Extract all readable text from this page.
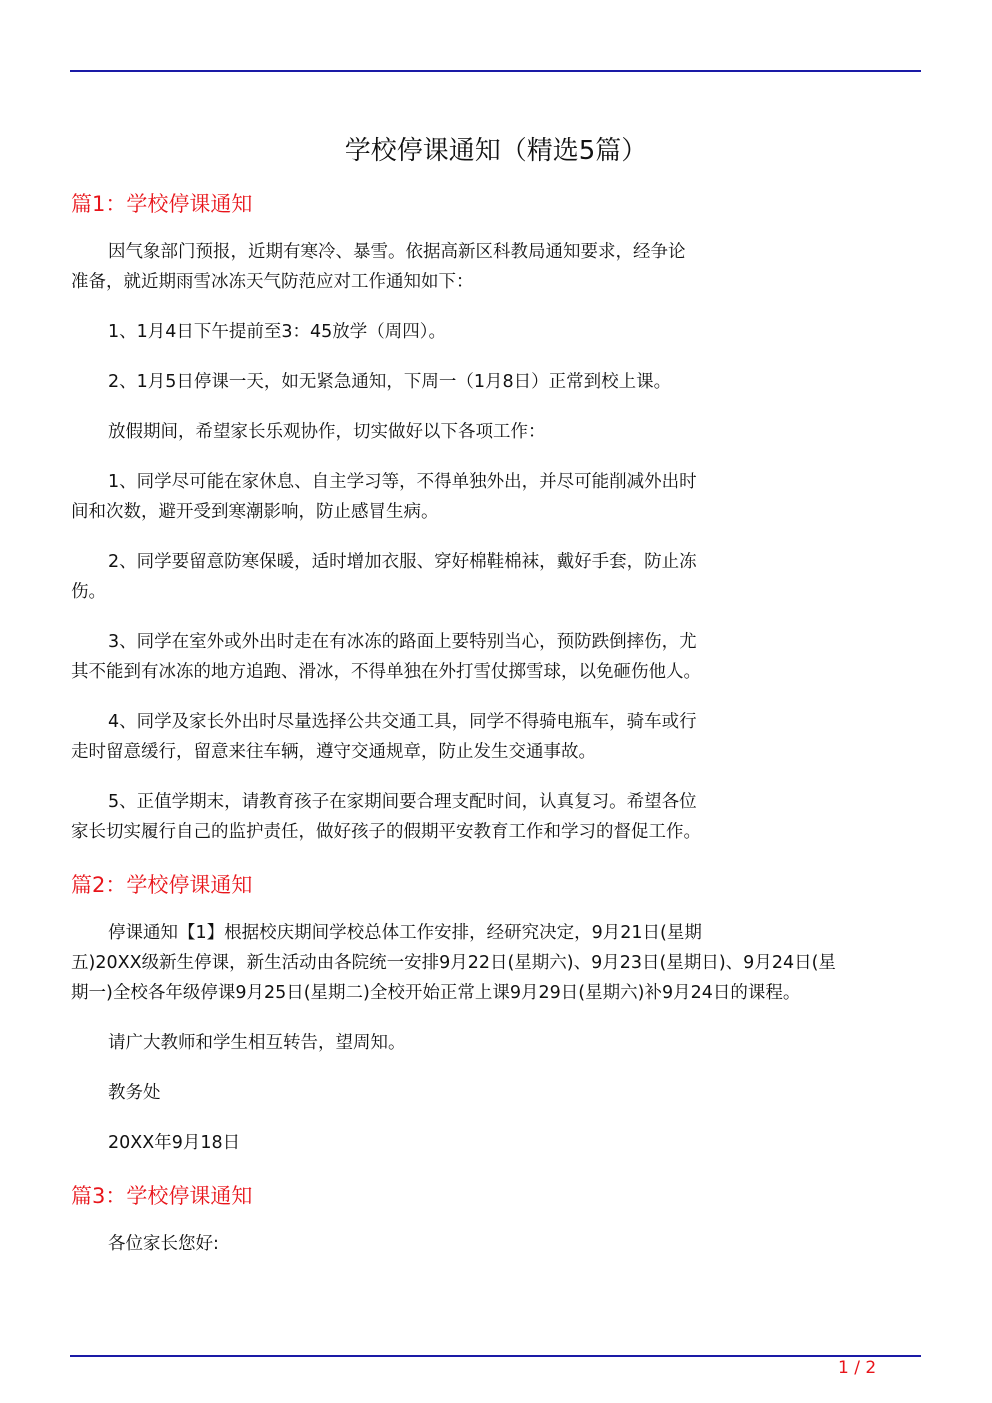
学校停课通知（精选5篇）
篇1：学校停课通知
因气象部门预报，近期有寒冷、暴雪。依据高新区科教局通知要求，经争论
准备，就近期雨雪冰冻天气防范应对工作通知如下：
1、1月4日下午提前至3：45放学（周四）。
2、1月5日停课一天，如无紧急通知，下周一（1月8日）正常到校上课。
放假期间，希望家长乐观协作，切实做好以下各项工作：
1、同学尽可能在家休息、自主学习等，不得单独外出，并尽可能削减外出时
间和次数，避开受到寒潮影响，防止感冒生病。
2、同学要留意防寒保暖，适时增加衣服、穿好棉鞋棉袜，戴好手套，防止冻
伤。
3、同学在室外或外出时走在有冰冻的路面上要特别当心，预防跌倒摔伤，尤
其不能到有冰冻的地方追跑、滑冰，不得单独在外打雪仗掷雪球，以免砸伤他人。
4、同学及家长外出时尽量选择公共交通工具，同学不得骑电瓶车，骑车或行
走时留意缓行，留意来往车辆，遵守交通规章，防止发生交通事故。
5、正值学期末，请教育孩子在家期间要合理支配时间，认真复习。希望各位
家长切实履行自己的监护责任，做好孩子的假期平安教育工作和学习的督促工作。
篇2：学校停课通知
停课通知【1】根据校庆期间学校总体工作安排，经研究决定，9月21日(星期
五)20XX级新生停课，新生活动由各院统一安排9月22日(星期六)、9月23日(星期日)、9月24日(星
期一)全校各年级停课9月25日(星期二)全校开始正常上课9月29日(星期六)补9月24日的课程。
请广大教师和学生相互转告，望周知。
教务处
20XX年9月18日
篇3：学校停课通知
各位家长您好:
1 / 2
